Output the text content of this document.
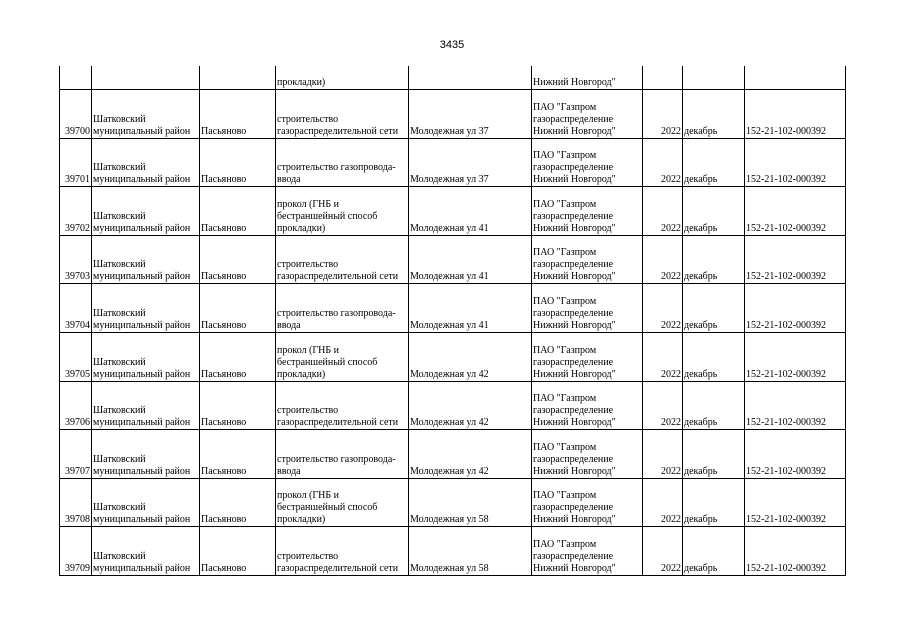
3435
			прокладки)		Нижний Новгород"			
39700	Шатковский муниципальный район	Пасьяново	строительство газораспределительной сети	Молодежная ул 37	ПАО "Газпром газораспределение Нижний Новгород"	2022	декабрь	152-21-102-000392
39701	Шатковский муниципальный район	Пасьяново	строительство газопровода-ввода	Молодежная ул 37	ПАО "Газпром газораспределение Нижний Новгород"	2022	декабрь	152-21-102-000392
39702	Шатковский муниципальный район	Пасьяново	прокол (ГНБ и бестраншейный способ прокладки)	Молодежная ул 41	ПАО "Газпром газораспределение Нижний Новгород"	2022	декабрь	152-21-102-000392
39703	Шатковский муниципальный район	Пасьяново	строительство газораспределительной сети	Молодежная ул 41	ПАО "Газпром газораспределение Нижний Новгород"	2022	декабрь	152-21-102-000392
39704	Шатковский муниципальный район	Пасьяново	строительство газопровода-ввода	Молодежная ул 41	ПАО "Газпром газораспределение Нижний Новгород"	2022	декабрь	152-21-102-000392
39705	Шатковский муниципальный район	Пасьяново	прокол (ГНБ и бестраншейный способ прокладки)	Молодежная ул 42	ПАО "Газпром газораспределение Нижний Новгород"	2022	декабрь	152-21-102-000392
39706	Шатковский муниципальный район	Пасьяново	строительство газораспределительной сети	Молодежная ул 42	ПАО "Газпром газораспределение Нижний Новгород"	2022	декабрь	152-21-102-000392
39707	Шатковский муниципальный район	Пасьяново	строительство газопровода-ввода	Молодежная ул 42	ПАО "Газпром газораспределение Нижний Новгород"	2022	декабрь	152-21-102-000392
39708	Шатковский муниципальный район	Пасьяново	прокол (ГНБ и бестраншейный способ прокладки)	Молодежная ул 58	ПАО "Газпром газораспределение Нижний Новгород"	2022	декабрь	152-21-102-000392
39709	Шатковский муниципальный район	Пасьяново	строительство газораспределительной сети	Молодежная ул 58	ПАО "Газпром газораспределение Нижний Новгород"	2022	декабрь	152-21-102-000392
